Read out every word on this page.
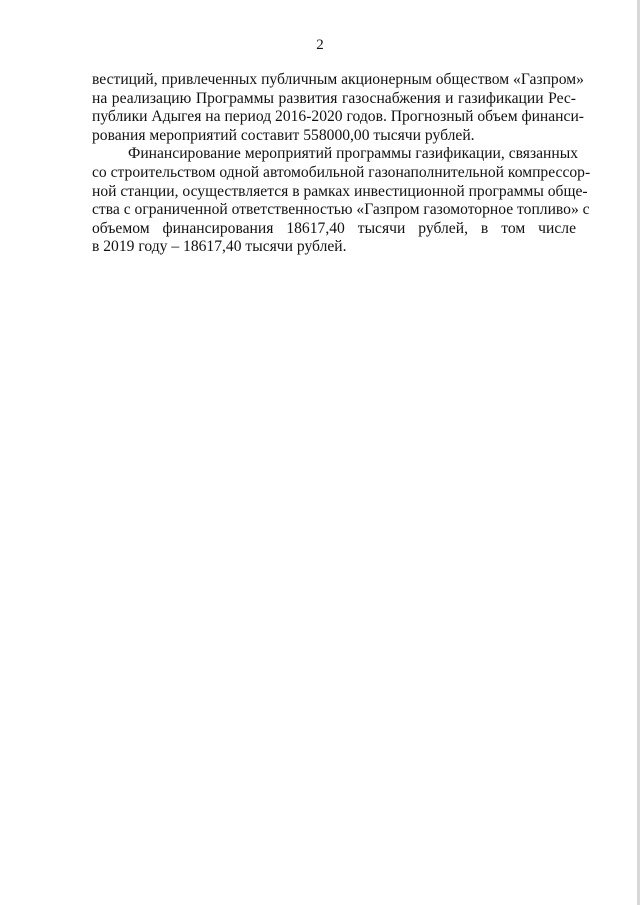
2
вестиций, привлеченных публичным акционерным обществом «Газпром»
на реализацию Программы развития газоснабжения и газификации Рес-
публики Адыгея на период 2016-2020 годов. Прогнозный объем финанси-
рования мероприятий составит 558000,00 тысячи рублей.
Финансирование мероприятий программы газификации, связанных
со строительством одной автомобильной газонаполнительной компрессор-
ной станции, осуществляется в рамках инвестиционной программы обще-
ства с ограниченной ответственностью «Газпром газомоторное топливо» с
объемом финансирования 18617,40 тысячи рублей, в том числе
в 2019 году – 18617,40 тысячи рублей.
